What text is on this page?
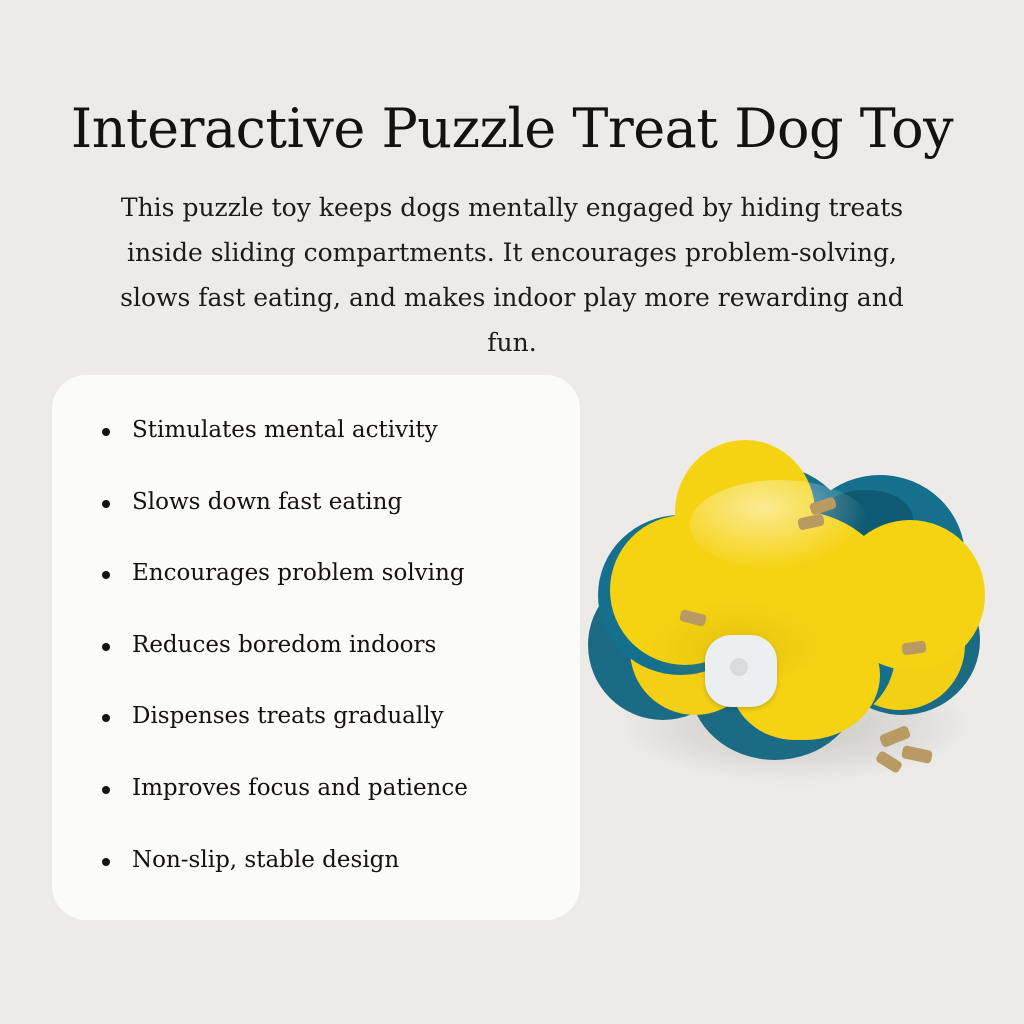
Interactive Puzzle Treat Dog Toy

This puzzle toy keeps dogs mentally engaged by hiding treats inside sliding compartments. It encourages problem-solving, slows fast eating, and makes indoor play more rewarding and fun.

Stimulates mental activity
Slows down fast eating
Encourages problem solving
Reduces boredom indoors
Dispenses treats gradually
Improves focus and patience
Non-slip, stable design
